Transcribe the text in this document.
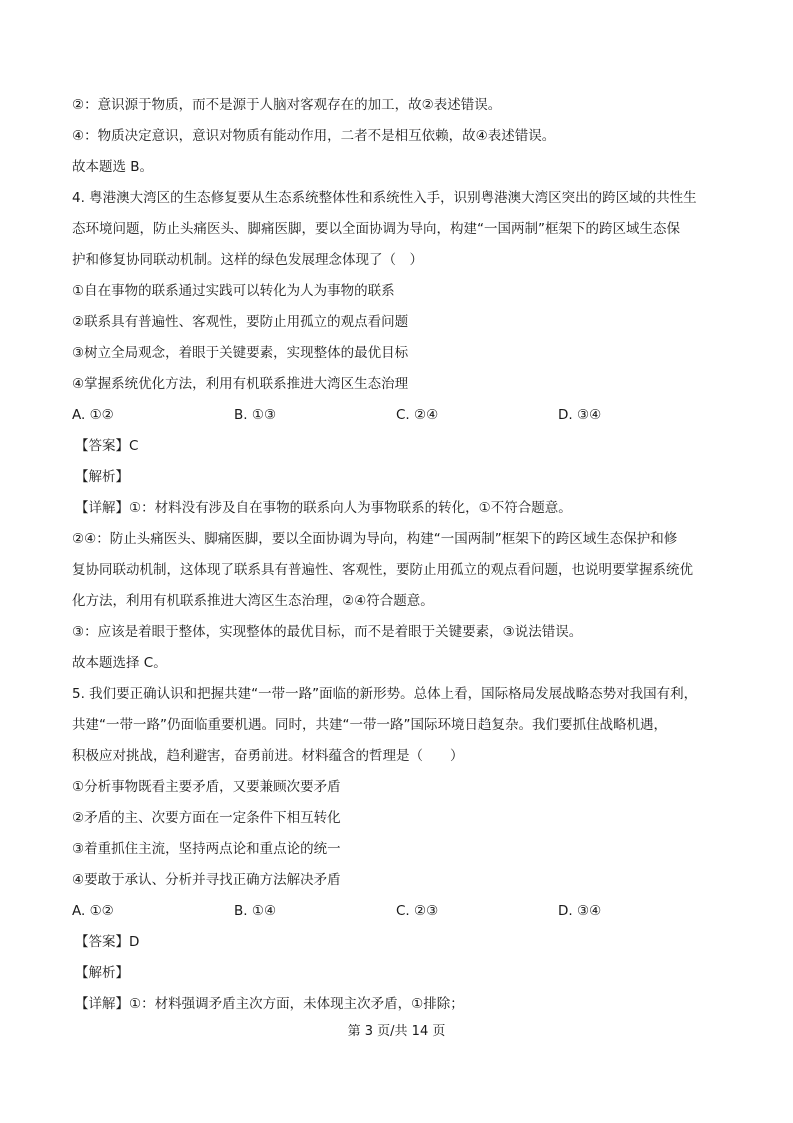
②：意识源于物质，而不是源于人脑对客观存在的加工，故②表述错误。
④：物质决定意识，意识对物质有能动作用，二者不是相互依赖，故④表述错误。
故本题选 B。
4. 粤港澳大湾区的生态修复要从生态系统整体性和系统性入手，识别粤港澳大湾区突出的跨区域的共性生
态环境问题，防止头痛医头、脚痛医脚，要以全面协调为导向，构建“一国两制”框架下的跨区域生态保
护和修复协同联动机制。这样的绿色发展理念体现了（　）
①自在事物的联系通过实践可以转化为人为事物的联系
②联系具有普遍性、客观性，要防止用孤立的观点看问题
③树立全局观念，着眼于关键要素，实现整体的最优目标
④掌握系统优化方法，利用有机联系推进大湾区生态治理
A. ①②	B. ①③	C. ②④	D. ③④
【答案】C
【解析】
【详解】①：材料没有涉及自在事物的联系向人为事物联系的转化，①不符合题意。
②④：防止头痛医头、脚痛医脚，要以全面协调为导向，构建“一国两制”框架下的跨区域生态保护和修
复协同联动机制，这体现了联系具有普遍性、客观性，要防止用孤立的观点看问题，也说明要掌握系统优
化方法，利用有机联系推进大湾区生态治理，②④符合题意。
③：应该是着眼于整体，实现整体的最优目标，而不是着眼于关键要素，③说法错误。
故本题选择 C。
5. 我们要正确认识和把握共建“一带一路”面临的新形势。总体上看，国际格局发展战略态势对我国有利，
共建“一带一路”仍面临重要机遇。同时，共建“一带一路”国际环境日趋复杂。我们要抓住战略机遇，
积极应对挑战，趋利避害，奋勇前进。材料蕴含的哲理是（　　）
①分析事物既看主要矛盾，又要兼顾次要矛盾
②矛盾的主、次要方面在一定条件下相互转化
③着重抓住主流，坚持两点论和重点论的统一
④要敢于承认、分析并寻找正确方法解决矛盾
A. ①②	B. ①④	C. ②③	D. ③④
【答案】D
【解析】
【详解】①：材料强调矛盾主次方面，未体现主次矛盾，①排除；
第 3 页/共 14 页
